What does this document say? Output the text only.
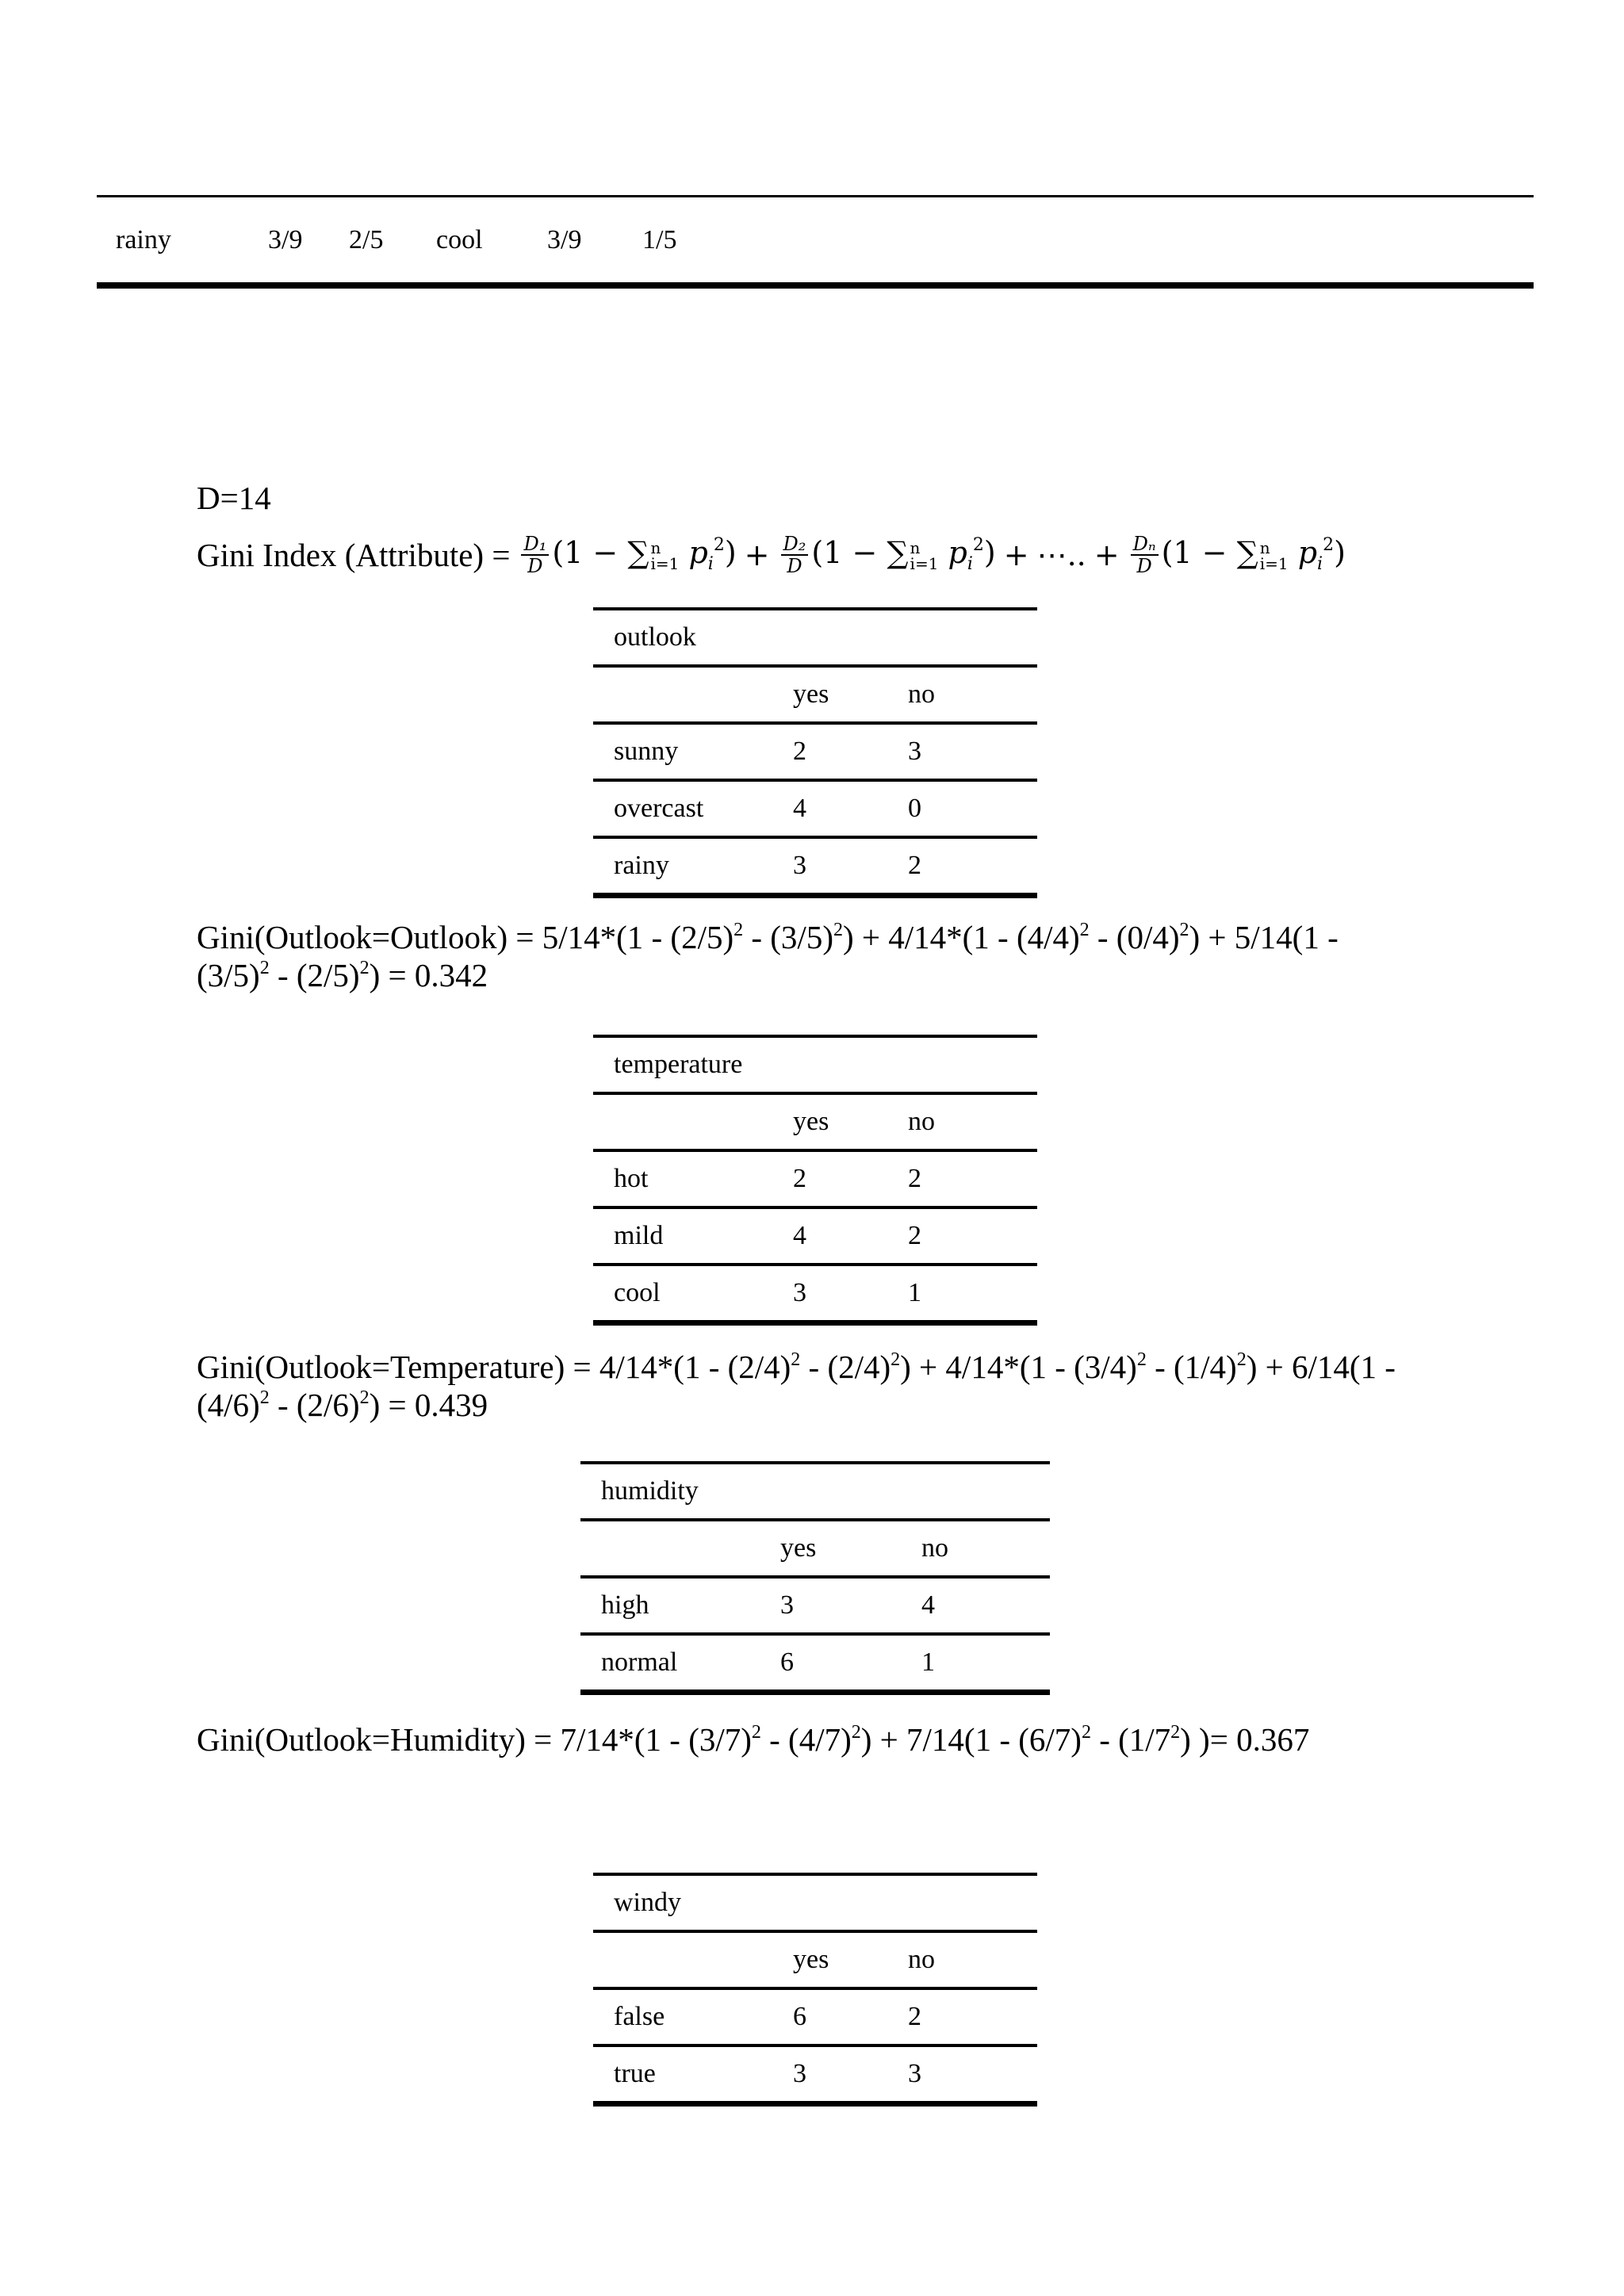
rainy	3/9 2/5 cool 3/9 1/5
D=14
Gini Index (Attribute) = $\frac{\text{D₁}}{D} (1$ − ∑ n
i=1 $p_i^2) + \frac{\text{D₂}}{D} (1$ − ∑ n
i=1 $p_i^2$) + ⋯.. + $\frac{\text{Dₙ}}{D} (1$ − ∑ n
i=1 $p_i^2$)
outlook
yes	no
sunny	2	3
overcast	4	0
rainy	3	2
Gini(Outlook=Outlook) = $5/14*(1 - (2/5)^2 - (3/5)^2) + 4/14*(1 - (4/4)^2 - (0/4)^2) + 5/14(1$ -
$(3/5)^2 - (2/5)^2) = 0.342$
temperature
yes	no
hot	2	2
mild	4	2
cool	3	1
Gini(Outlook=Temperature) = $4/14*(1 - (2/4)^2 - (2/4)^2) + 4/14*(1 - (3/4)^2 - (1/4)^2) + 6/14(1$ -
$(4/6)^2 - (2/6)^2) = 0.439$
humidity
yes	no
high	3	4
normal	6	1
Gini(Outlook=Humidity) = $7/14*(1 - (3/7)^2 - (4/7)^2) + 7/14(1 - (6/7)^2 - (1/7^2)$ )= 0.367
windy
yes	no
false	6	2
true	3	3
